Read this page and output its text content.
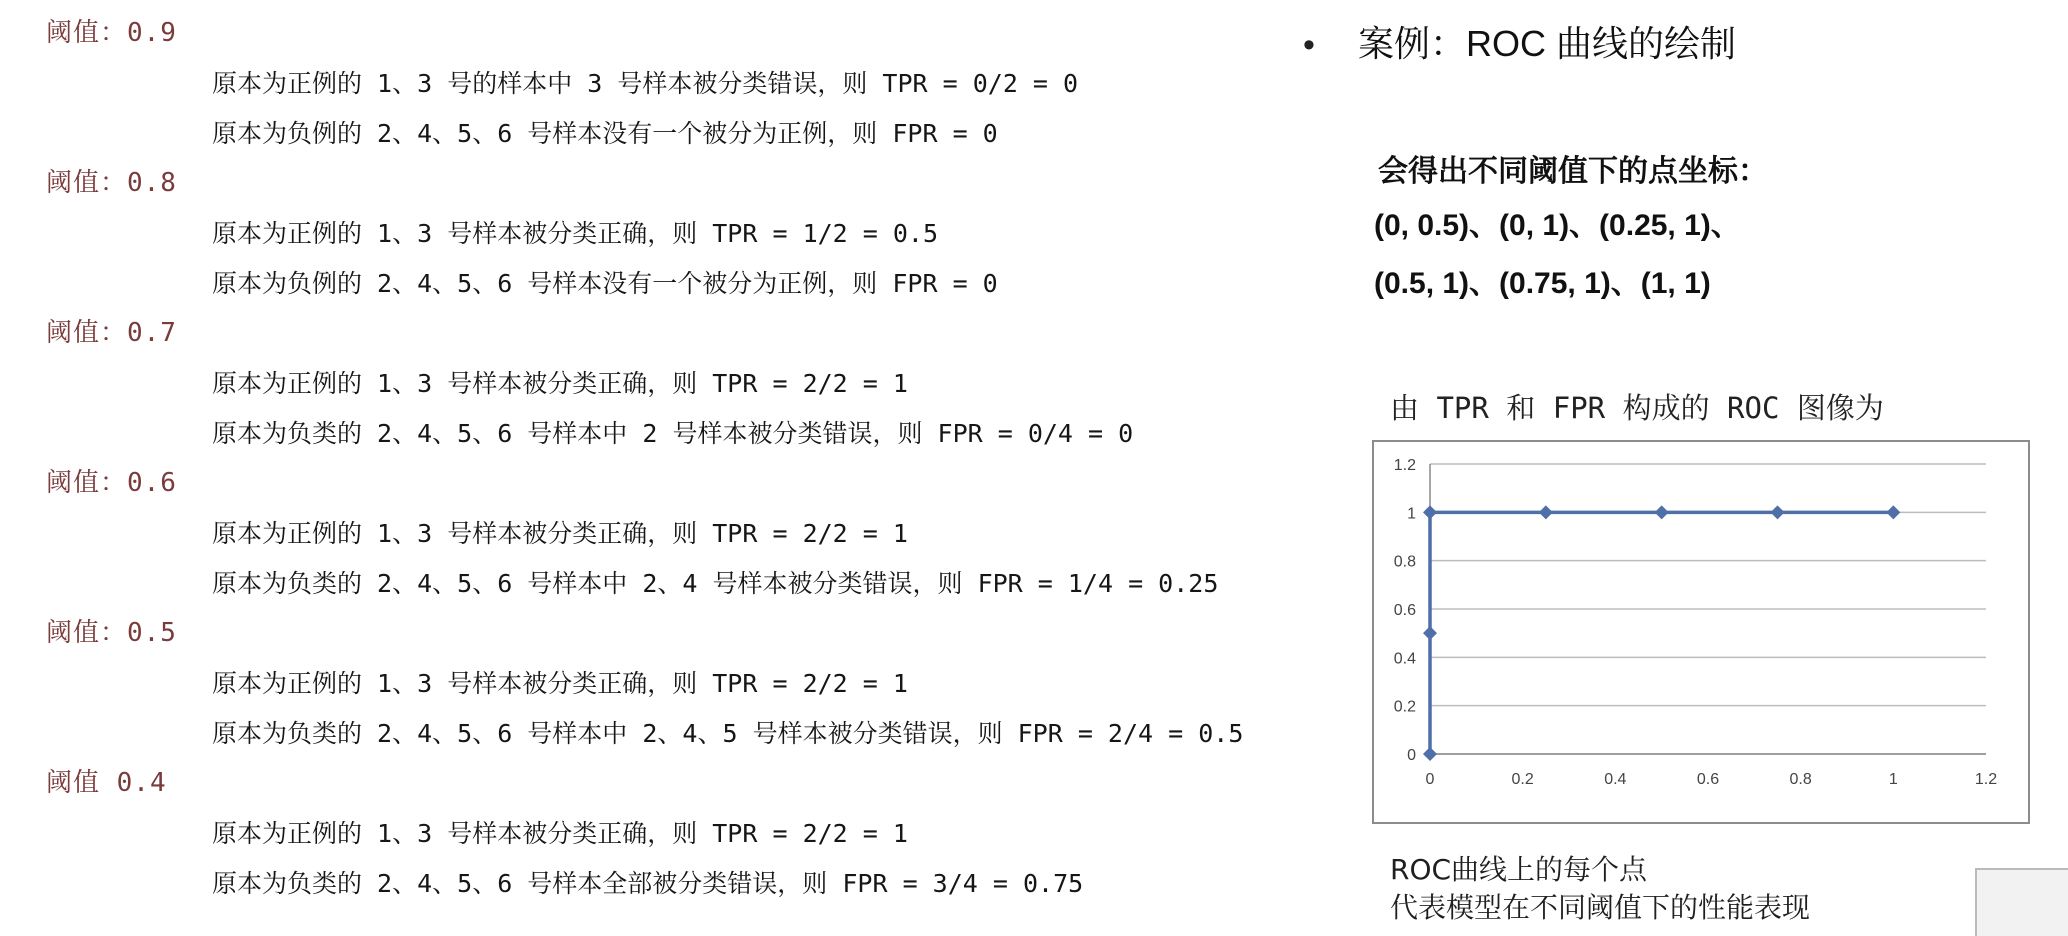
阈值：0.9
原本为正例的 1、3 号的样本中 3 号样本被分类错误，则 TPR = 0/2 = 0
原本为负例的 2、4、5、6 号样本没有一个被分为正例，则 FPR = 0
阈值：0.8
原本为正例的 1、3 号样本被分类正确，则 TPR = 1/2 = 0.5
原本为负例的 2、4、5、6 号样本没有一个被分为正例，则 FPR = 0
阈值：0.7
原本为正例的 1、3 号样本被分类正确，则 TPR = 2/2 = 1
原本为负类的 2、4、5、6 号样本中 2 号样本被分类错误，则 FPR = 0/4 = 0
阈值：0.6
原本为正例的 1、3 号样本被分类正确，则 TPR = 2/2 = 1
原本为负类的 2、4、5、6 号样本中 2、4 号样本被分类错误，则 FPR = 1/4 = 0.25
阈值：0.5
原本为正例的 1、3 号样本被分类正确，则 TPR = 2/2 = 1
原本为负类的 2、4、5、6 号样本中 2、4、5 号样本被分类错误，则 FPR = 2/4 = 0.5
阈值 0.4
原本为正例的 1、3 号样本被分类正确，则 TPR = 2/2 = 1
原本为负类的 2、4、5、6 号样本全部被分类错误，则 FPR = 3/4 = 0.75
• 案例：ROC 曲线的绘制
会得出不同阈值下的点坐标：
(0, 0.5)、(0, 1)、(0.25, 1)、
(0.5, 1)、(0.75, 1)、(1, 1)
由 TPR 和 FPR 构成的 ROC 图像为
0
0.2
0.4
0.6
0.8
1
1.2
0	0.2	0.4	0.6	0.8	1	1.2
ROC曲线上的每个点
代表模型在不同阈值下的性能表现
